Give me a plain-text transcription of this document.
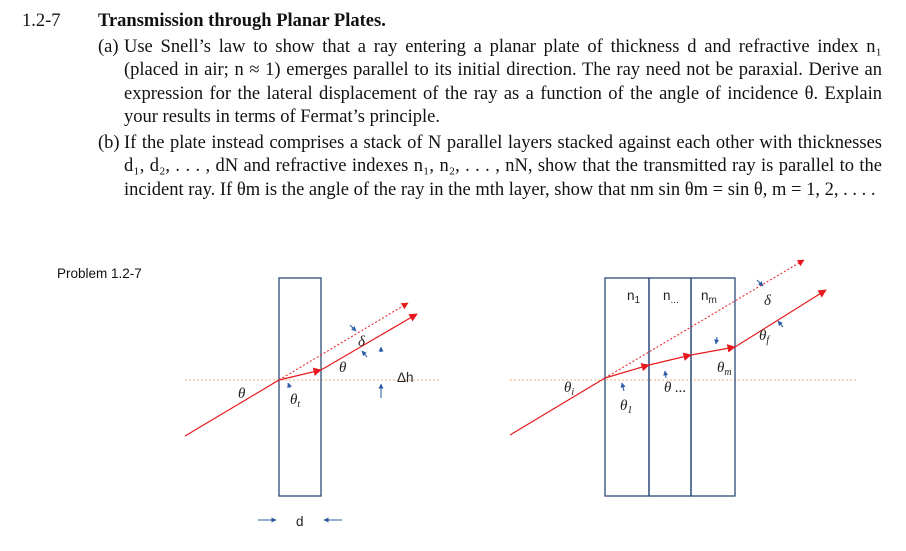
1.2-7	Transmission through Planar Plates.
(a) Use Snell’s law to show that a ray entering a planar plate of thickness d and refractive index n₁ (placed in air; n ≈ 1) emerges parallel to its initial direction. The ray need not be paraxial. Derive an expression for the lateral displacement of the ray as a function of the angle of incidence θ. Explain your results in terms of Fermat’s principle.
(b) If the plate instead comprises a stack of N parallel layers stacked against each other with thicknesses d₁, d₂, . . . , dN and refractive indexes n₁, n₂, . . . , nN, show that the transmitted ray is parallel to the incident ray. If θm is the angle of the ray in the mth layer, show that nm sin θm = sin θ, m = 1, 2, . . . .
Problem 1.2-7
θ	$\theta_t$
δ
θ
Δh
d
$n_1$ $n_{...}$ $n_m$	δ
$\theta_f$
$\theta_m$
$\theta_i$
$\theta_1$
θ ...
